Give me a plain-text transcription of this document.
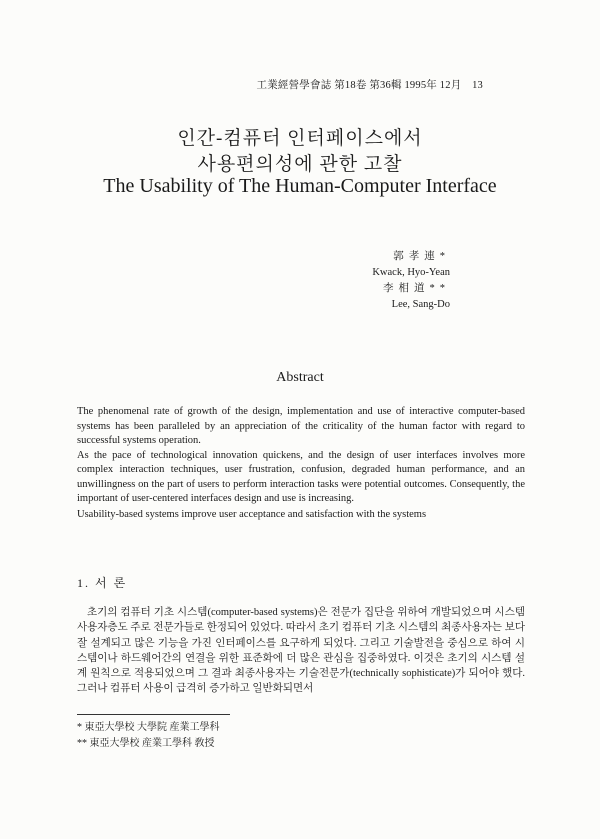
工業經營學會誌 第18卷 第36輯 1995年 12月　13
인간-컴퓨터 인터페이스에서
사용편의성에 관한 고찰
The Usability of The Human-Computer Interface
郭孝連*
Kwack, Hyo-Yean
李相道**
Lee, Sang-Do
Abstract

The phenomenal rate of growth of the design, implementation and use of interactive computer-based systems has been paralleled by an appreciation of the criticality of the human factor with regard to successful systems operation.

As the pace of technological innovation quickens, and the design of user interfaces involves more complex interaction techniques, user frustration, confusion, degraded human performance, and an unwillingness on the part of users to perform interaction tasks were potential outcomes. Consequently, the important of user-centered interfaces design and use is increasing.

Usability-based systems improve user acceptance and satisfaction with the systems

1. 서 론

초기의 컴퓨터 기초 시스템(computer-based systems)은 전문가 집단을 위하여 개발되었으며 시스템 사용자층도 주로 전문가들로 한정되어 있었다. 따라서 초기 컴퓨터 기초 시스템의 최종사용자는 보다 잘 설계되고 많은 기능을 가진 인터페이스를 요구하게 되었다. 그리고 기술발전을 중심으로 하여 시스템이나 하드웨어간의 연결을 위한 표준화에 더 많은 관심을 집중하였다. 이것은 초기의 시스템 설계 원칙으로 적용되었으며 그 결과 최종사용자는 기술전문가(technically sophisticate)가 되어야 했다. 그러나 컴퓨터 사용이 급격히 증가하고 일반화되면서

* 東亞大學校 大學院 産業工學科
** 東亞大學校 産業工學科 敎授
